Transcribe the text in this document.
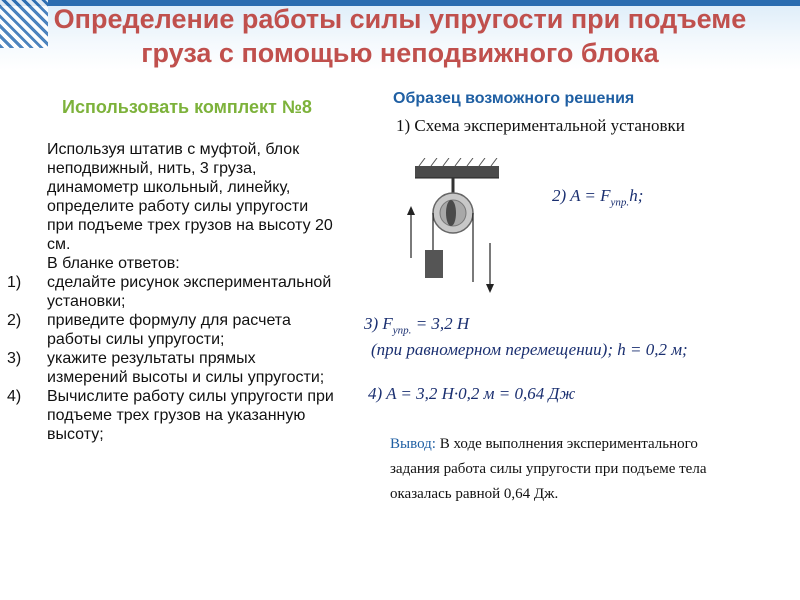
Определение работы силы упругости при подъеме
груза с помощью неподвижного блока
Использовать комплект №8

Используя штатив с муфтой, блок неподвижный, нить, 3 груза, динамометр школьный, линейку, определите работу силы упругости при подъеме трех грузов на высоту 20 см.

В бланке ответов:

1)	сделайте рисунок экспериментальной установки;
2)	приведите формулу для расчета работы силы упругости;
3)	укажите результаты прямых измерений высоты и силы упругости;
4)	Вычислите работу силы упругости при подъеме трех грузов на указанную высоту;
Образец возможного решения
1) Схема экспериментальной установки
2) $A = F_{упр.}h$;
3) $F_{упр.} = 3,2$ Н
(при равномерном перемещении); h = 0,2 м;
4) A = 3,2 Н·0,2 м = 0,64 Дж
Вывод: В ходе выполнения экспериментального задания работа силы упругости при подъеме тела оказалась равной 0,64 Дж.
